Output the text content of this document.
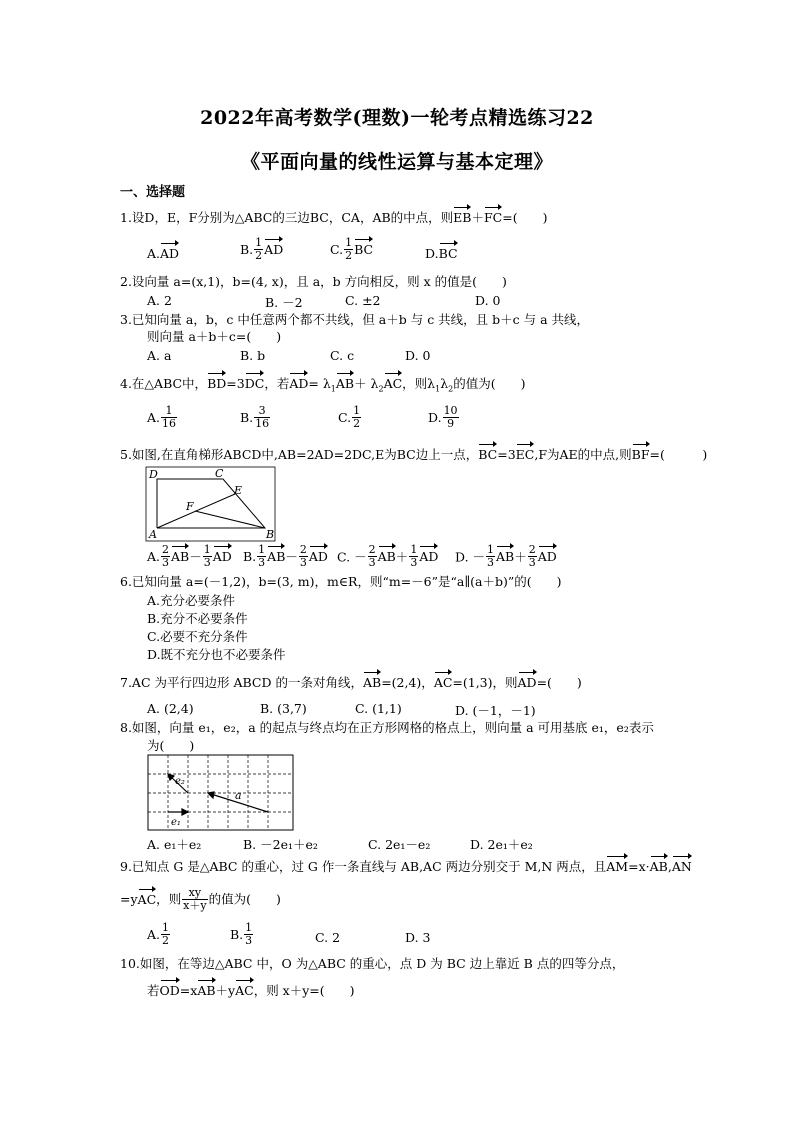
2022年高考数学(理数)一轮考点精选练习22
《平面向量的线性运算与基本定理》
一、选择题
1.设D，E，F分别为△ABC的三边BC，CA，AB的中点，则EB＋FC=(　　)
A.AD	B. $\frac{1}{2}$ AD	C. $\frac{1}{2}$ BC	D.BC
2.设向量 a=(x,1)，b=(4, x)，且 a，b 方向相反，则 x 的值是(　　)
A. 2	B. －2	C. ±2	D. 0
3.已知向量 a，b，c 中任意两个都不共线，但 a＋b 与 c 共线，且 b＋c 与 a 共线，
则向量 a＋b＋c=(　　)
A. a	B. b	C. c	D. 0
4.在△ABC中，BD=3DC，若$AD= \lambda_1AB+ \lambda_2AC$，则$\lambda_1\lambda_2$的值为(　　)
A. $\frac{1}{16}$	B. $\frac{3}{16}$	C. $\frac{1}{2}$	D. $\frac{10}{9}$
5.如图,在直角梯形ABCD中,AB=2AD=2DC,E为BC边上一点，BC=3EC,F为AE的中点,则BF=(　　　)
D	C
E
F
A	B
A. $\frac{2}{3} AB- \frac{1}{3}$ AD B. $\frac{1}{3} AB- \frac{2}{3}$ AD C. － $\frac{2}{3} AB+ \frac{1}{3}$ AD D. － $\frac{1}{3} AB+ \frac{2}{3}$ AD
6.已知向量 a=(－1,2)，b=(3, m)，m∈R，则“m=－6”是“a∥(a＋b)”的(　　)
A.充分必要条件
B.充分不必要条件
C.必要不充分条件
D.既不充分也不必要条件
7.AC 为平行四边形 ABCD 的一条对角线，AB=(2,4)，AC=(1,3)，则AD=(　　)
A. (2,4)	B. (3,7)	C. (1,1)	D. (－1，－1)
8.如图，向量 e₁，e₂，a 的起点与终点均在正方形网格的格点上，则向量 a 可用基底 e₁，e₂表示
为(　　)
e₂
e₁
a
A. e₁＋e₂	B. －2e₁＋e₂	C. 2e₁－e₂	D. 2e₁＋e₂
9.已知点 G 是△ABC 的重心，过 G 作一条直线与 AB,AC 两边分别交于 M,N 两点，且AM=x·AB,AN
=yAC，则 $\frac{xy}{x+y}$ 的值为(　　)
A. $\frac{1}{2}$	B. $\frac{1}{3}$	C. 2	D. 3
10.如图，在等边△ABC 中，O 为△ABC 的重心，点 D 为 BC 边上靠近 B 点的四等分点，
若OD=xAB＋yAC，则 x＋y=(　　)
